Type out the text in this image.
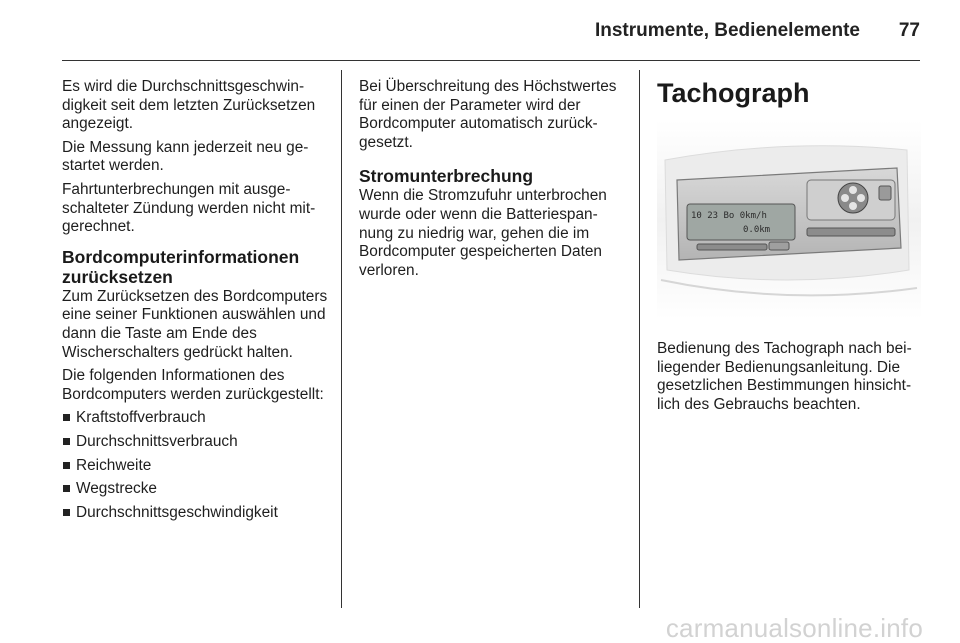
Instrumente, Bedienelemente	77

Es wird die Durchschnittsgeschwindigkeit seit dem letzten Zurücksetzen angezeigt.

Die Messung kann jederzeit neu gestartet werden.

Fahrtunterbrechungen mit ausgeschalteter Zündung werden nicht mitgerechnet.

Bordcomputerinformationen zurücksetzen

Zum Zurücksetzen des Bordcomputers eine seiner Funktionen auswählen und dann die Taste am Ende des Wischerschalters gedrückt halten.

Die folgenden Informationen des Bordcomputers werden zurückgestellt:

Kraftstoffverbrauch
Durchschnittsverbrauch
Reichweite
Wegstrecke
Durchschnittsgeschwindigkeit

Bei Überschreitung des Höchstwertes für einen der Parameter wird der Bordcomputer automatisch zurückgesetzt.

Stromunterbrechung

Wenn die Stromzufuhr unterbrochen wurde oder wenn die Batteriespannung zu niedrig war, gehen die im Bordcomputer gespeicherten Daten verloren.

Tachograph
10 23 Bo 0km/h
0.0km

Bedienung des Tachograph nach beiliegender Bedienungsanleitung. Die gesetzlichen Bestimmungen hinsichtlich des Gebrauchs beachten.

carmanualsonline.info
